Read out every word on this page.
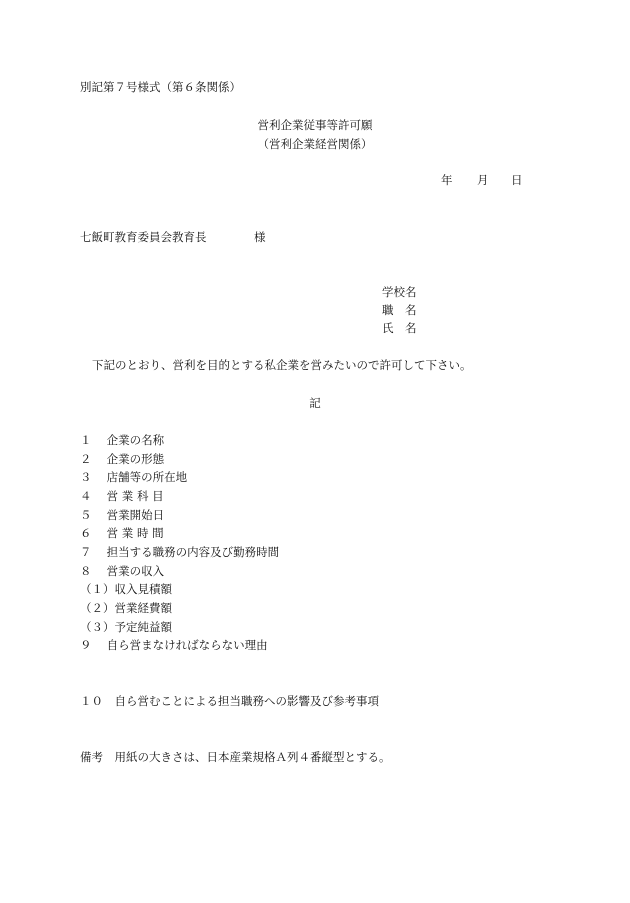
別記第７号様式（第６条関係）
営利企業従事等許可願
（営利企業経営関係）
年 月 日
七飯町教育委員会教育長	様
学校名
職　名
氏　名
下記のとおり、営利を目的とする私企業を営みたいので許可して下さい。
記
１　 企業の名称
２　 企業の形態
３　 店舗等の所在地
４　 営 業 科 目
５　 営業開始日
６　 営 業 時 間
７　 担当する職務の内容及び勤務時間
８　 営業の収入
（１）収入見積額
（２）営業経費額
（３）予定純益額
９　 自ら営まなければならない理由
１０　自ら営むことによる担当職務への影響及び参考事項
備考　用紙の大きさは、日本産業規格Ａ列４番縦型とする。
